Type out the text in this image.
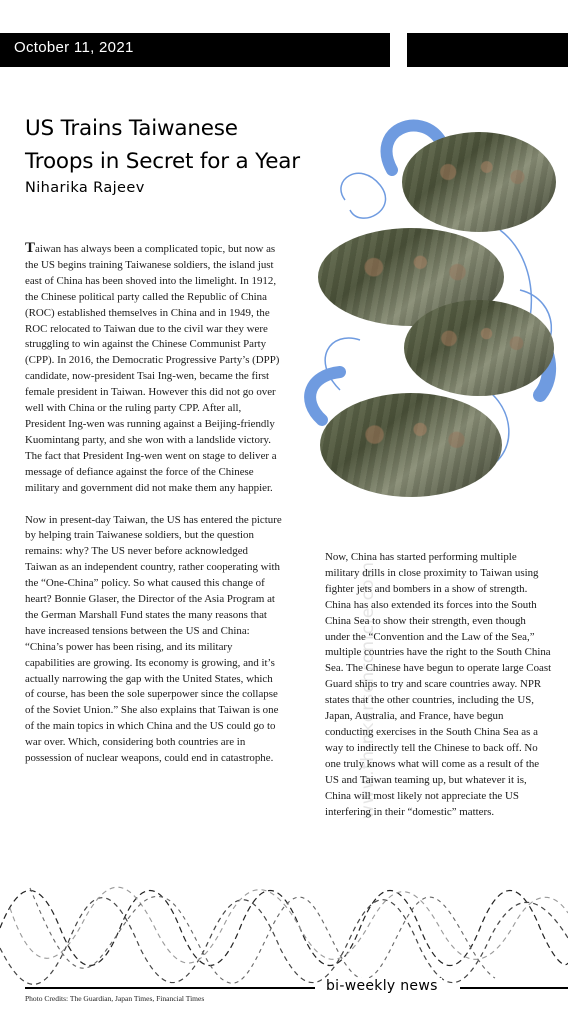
October 11, 2021
US Trains Taiwanese
Troops in Secret for a Year
Niharika Rajeev

Taiwan has always been a complicated topic, but now as the US begins training Taiwanese soldiers, the island just east of China has been shoved into the limelight. In 1912, the Chinese political party called the Republic of China (ROC) established themselves in China and in 1949, the ROC relocated to Taiwan due to the civil war they were struggling to win against the Chinese Communist Party (CPP). In 2016, the Democratic Progressive Party’s (DPP) candidate, now-president Tsai Ing-wen, became the first female president in Taiwan. However this did not go over well with China or the ruling party CPP. After all, President Ing-wen was running against a Beijing-friendly Kuomintang party, and she won with a landslide victory. The fact that President Ing-wen went on stage to deliver a message of defiance against the force of the Chinese military and government did not make them any happier.

Now in present-day Taiwan, the US has entered the picture by helping train Taiwanese soldiers, but the question remains: why? The US never before acknowledged Taiwan as an independent country, rather cooperating with the “One-China” policy. So what caused this change of heart? Bonnie Glaser, the Director of the Asia Program at the German Marshall Fund states the many reasons that have increased tensions between the US and China: “China’s power has been rising, and its military capabilities are growing. Its economy is growing, and it’s actually narrowing the gap with the United States, which of course, has been the sole superpower since the collapse of the Soviet Union.” She also explains that Taiwan is one of the main topics in which China and the US could go to war over. Which, considering both countries are in possession of nuclear weapons, could end in catastrophe.	www.thinkerschronicle.com

Now, China has started performing multiple military drills in close proximity to Taiwan using fighter jets and bombers in a show of strength. China has also extended its forces into the South China Sea to show their strength, even though under the “Convention and the Law of the Sea,” multiple countries have the right to the South China Sea. The Chinese have begun to operate large Coast Guard ships to try and scare countries away. NPR states that the other countries, including the US, Japan, Australia, and France, have begun conducting exercises in the South China Sea as a way to indirectly tell the Chinese to back off. No one truly knows what will come as a result of the US and Taiwan teaming up, but whatever it is, China will most likely not appreciate the US interfering in their “domestic” matters.

bi-weekly news
Photo Credits: The Guardian, Japan Times, Financial Times
